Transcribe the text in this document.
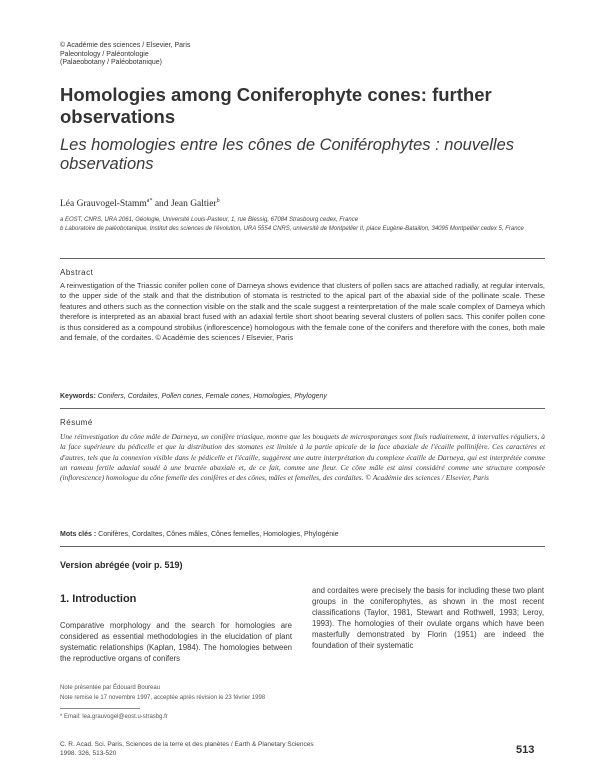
© Académie des sciences / Elsevier, Paris
Paleontology / Paléontologie
(Palaeobotany / Paléobotanique)
Homologies among Coniferophyte cones: further observations
Les homologies entre les cônes de Coniférophytes : nouvelles observations
Léa Grauvogel-Stamm$^{a*}$ and Jean Galtier$^b$

a EOST, CNRS, URA 2061, Géologie, Université Louis-Pasteur, 1, rue Blessig, 67084 Strasbourg cedex, France

b Laboratoire de paléobotanique, Institut des sciences de l'évolution, URA 5554 CNRS, université de Montpellier II, place Eugène-Bataillon, 34095 Montpellier cedex 5, France

Abstract
A reinvestigation of the Triassic conifer pollen cone of Darneya shows evidence that clusters of pollen sacs are attached radially, at regular intervals, to the upper side of the stalk and that the distribution of stomata is restricted to the apical part of the abaxial side of the pollinate scale. These features and others such as the connection visible on the stalk and the scale suggest a reinterpretation of the male scale complex of Darneya which therefore is interpreted as an abaxial bract fused with an adaxial fertile short shoot bearing several clusters of pollen sacs. This conifer pollen cone is thus considered as a compound strobilus (inflorescence) homologous with the female cone of the conifers and therefore with the cones, both male and female, of the cordaites. © Académie des sciences / Elsevier, Paris
Keywords: Conifers, Cordaites, Pollen cones, Female cones, Homologies, Phylogeny
Résumé
Une réinvestigation du cône mâle de Darneya, un conifère triasique, montre que les bouquets de microsporanges sont fixés radiairement, à intervalles réguliers, à la face supérieure du pédicelle et que la distribution des stomates est limitée à la partie apicale de la face abaxiale de l'écaille pollinifère. Ces caractères et d'autres, tels que la connexion visible dans le pédicelle et l'écaille, suggèrent une autre interprétation du complexe écaille de Darneya, qui est interprétée comme un rameau fertile adaxial soudé à une bractée abaxiale et, de ce fait, comme une fleur. Ce cône mâle est ainsi considéré comme une structure composée (inflorescence) homologue du cône femelle des conifères et des cônes, mâles et femelles, des cordaïtes. © Académie des sciences / Elsevier, Paris
Mots clés : Conifères, Cordaïtes, Cônes mâles, Cônes femelles, Homologies, Phylogénie
Version abrégée (voir p. 519)
1. Introduction
Comparative morphology and the search for homologies are considered as essential methodologies in the elucidation of plant systematic relationships (Kaplan, 1984). The homologies between the reproductive organs of conifers
and cordaites were precisely the basis for including these two plant groups in the coniferophytes, as shown in the most recent classifications (Taylor, 1981, Stewart and Rothwell, 1993; Leroy, 1993). The homologies of their ovulate organs which have been masterfully demonstrated by Florin (1951) are indeed the foundation of their systematic
Note présentée par Édouard Boureau
Note remise le 17 novembre 1997, acceptée après révision le 23 février 1998
* Email: lea.grauvogel@eost.u-strasbg.fr
C. R. Acad. Sci. Paris, Sciences de la terre et des planètes / Earth & Planetary Sciences
1998. 326, 513-520	513
